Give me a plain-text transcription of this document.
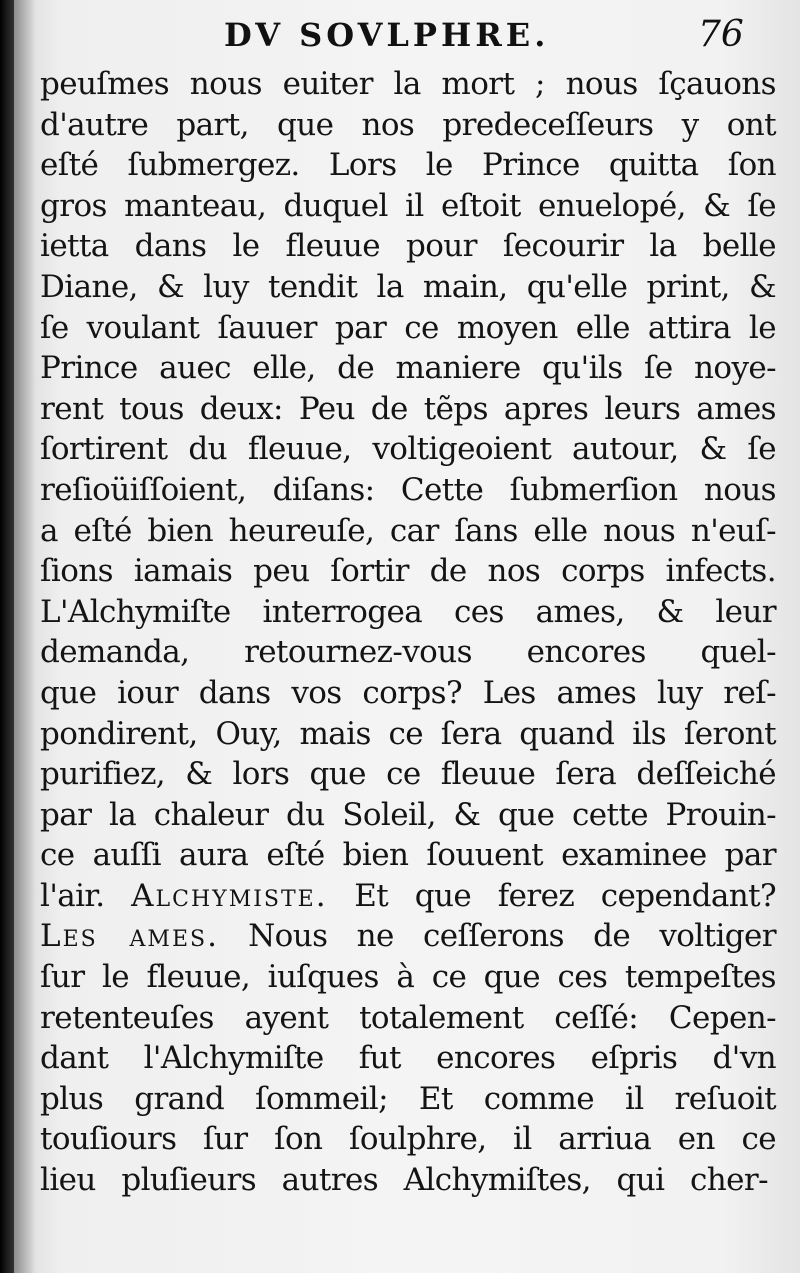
DV SOVLPHRE.	76
peuſmes nous euiter la mort ; nous ſçauons
d'autre part, que nos predeceſſeurs y ont
eſté ſubmergez. Lors le Prince quitta ſon
gros manteau, duquel il eſtoit enuelopé, & ſe
ietta dans le fleuue pour ſecourir la belle
Diane, & luy tendit la main, qu'elle print, &
ſe voulant ſauuer par ce moyen elle attira le
Prince auec elle, de maniere qu'ils ſe noye-
rent tous deux: Peu de tẽps apres leurs ames
ſortirent du fleuue, voltigeoient autour, & ſe
reſioüiſſoient, diſans: Cette ſubmerſion nous
a eſté bien heureuſe, car ſans elle nous n'euſ-
ſions iamais peu ſortir de nos corps infects.
L'Alchymiſte interrogea ces ames, & leur
demanda, retournez-vous encores quel-
que iour dans vos corps? Les ames luy reſ-
pondirent, Ouy, mais ce ſera quand ils ſeront
purifiez, & lors que ce fleuue ſera deſſeiché
par la chaleur du Soleil, & que cette Prouin-
ce auſſi aura eſté bien ſouuent examinee par
l'air. Alchymiste. Et que ferez cependant?
Les ames. Nous ne ceſſerons de voltiger
ſur le fleuue, iuſques à ce que ces tempeſtes
retenteuſes ayent totalement ceſſé: Cepen-
dant l'Alchymiſte fut encores eſpris d'vn
plus grand ſommeil; Et comme il reſuoit
touſiours ſur ſon ſoulphre, il arriua en ce
lieu pluſieurs autres Alchymiſtes, qui cher-
